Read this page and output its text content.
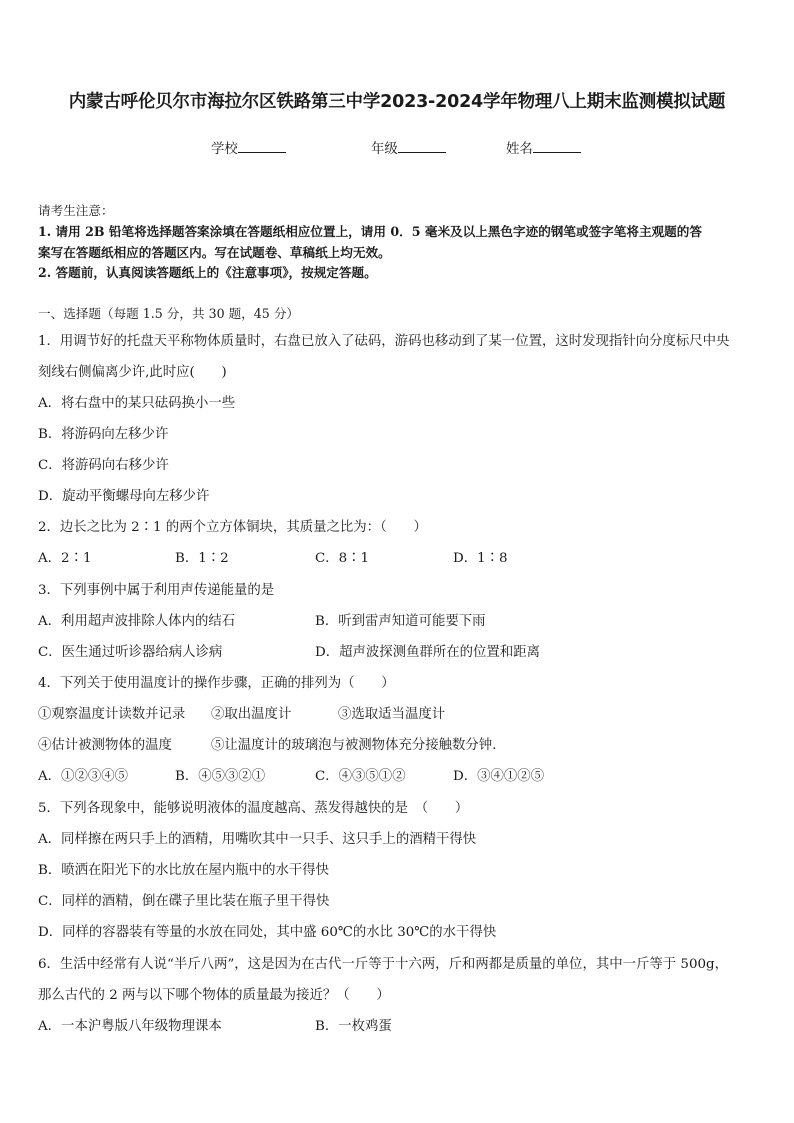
内蒙古呼伦贝尔市海拉尔区铁路第三中学2023-2024学年物理八上期末监测模拟试题
学校	年级	姓名
请考生注意：
1. 请用 2B 铅笔将选择题答案涂填在答题纸相应位置上，请用 0．5 毫米及以上黑色字迹的钢笔或签字笔将主观题的答
案写在答题纸相应的答题区内。写在试题卷、草稿纸上均无效。
2. 答题前，认真阅读答题纸上的《注意事项》，按规定答题。
一、选择题（每题 1.5 分，共 30 题，45 分）
1．用调节好的托盘天平称物体质量时，右盘已放入了砝码，游码也移动到了某一位置，这时发现指针向分度标尺中央
刻线右侧偏离少许,此时应(　　)
A．将右盘中的某只砝码换小一些
B．将游码向左移少许
C．将游码向右移少许
D．旋动平衡螺母向左移少许
2．边长之比为 2∶1 的两个立方体铜块，其质量之比为：（　　）
A．2∶1	B．1∶2	C．8∶1	D．1∶8
3．下列事例中属于利用声传递能量的是
A．利用超声波排除人体内的结石	B．听到雷声知道可能要下雨
C．医生通过听诊器给病人诊病	D．超声波探测鱼群所在的位置和距离
4．下列关于使用温度计的操作步骤，正确的排列为（　　）
①观察温度计读数并记录 ②取出温度计	③选取适当温度计
④估计被测物体的温度	⑤让温度计的玻璃泡与被测物体充分接触数分钟．
A．①②③④⑤	B．④⑤③②①	C．④③⑤①②	D．③④①②⑤
5．下列各现象中，能够说明液体的温度越高、蒸发得越快的是　（　　）
A．同样擦在两只手上的酒精，用嘴吹其中一只手、这只手上的酒精干得快
B．喷洒在阳光下的水比放在屋内瓶中的水干得快
C．同样的酒精，倒在碟子里比装在瓶子里干得快
D．同样的容器装有等量的水放在同处，其中盛 60℃的水比 30℃的水干得快
6．生活中经常有人说“半斤八两”，这是因为在古代一斤等于十六两，斤和两都是质量的单位，其中一斤等于 500g，
那么古代的 2 两与以下哪个物体的质量最为接近？（　　）
A．一本沪粤版八年级物理课本	B．一枚鸡蛋
